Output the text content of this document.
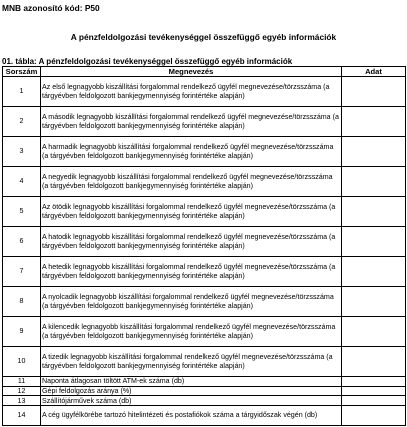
MNB azonosító kód: P50
A pénzfeldolgozási tevékenységgel összefüggő egyéb információk
01. tábla: A pénzfeldolgozási tevékenységgel összefüggő egyéb információk
Sorszám	Megnevezés	Adat
1	Az első legnagyobb kiszállítási forgalommal rendelkező ügyfél megnevezése/törzsszáma (a tárgyévben feldolgozott bankjegymennyiség forintértéke alapján)	
2	A második legnagyobb kiszállítási forgalommal rendelkező ügyfél megnevezése/törzsszáma (a tárgyévben feldolgozott bankjegymennyiség forintértéke alapján)	
3	A harmadik legnagyobb kiszállítási forgalommal rendelkező ügyfél megnevezése/törzsszáma (a tárgyévben feldolgozott bankjegymennyiség forintértéke alapján)	
4	A negyedik legnagyobb kiszállítási forgalommal rendelkező ügyfél megnevezése/törzsszáma (a tárgyévben feldolgozott bankjegymennyiség forintértéke alapján)	
5	Az ötödik legnagyobb kiszállítási forgalommal rendelkező ügyfél megnevezése/törzsszáma (a tárgyévben feldolgozott bankjegymennyiség forintértéke alapján)	
6	A hatodik legnagyobb kiszállítási forgalommal rendelkező ügyfél megnevezése/törzsszáma (a tárgyévben feldolgozott bankjegymennyiség forintértéke alapján)	
7	A hetedik legnagyobb kiszállítási forgalommal rendelkező ügyfél megnevezése/törzsszáma (a tárgyévben feldolgozott bankjegymennyiség forintértéke alapján)	
8	A nyolcadik legnagyobb kiszállítási forgalommal rendelkező ügyfél megnevezése/törzsszáma (a tárgyévben feldolgozott bankjegymennyiség forintértéke alapján)	
9	A kilencedik legnagyobb kiszállítási forgalommal rendelkező ügyfél megnevezése/törzsszáma (a tárgyévben feldolgozott bankjegymennyiség forintértéke alapján)	
10	A tizedik legnagyobb kiszállítási forgalommal rendelkező ügyfél megnevezése/törzsszáma (a tárgyévben feldolgozott bankjegymennyiség forintértéke alapján)	
11	Naponta átlagosan töltött ATM-ek száma (db)	
12	Gépi feldolgozás aránya (%)	
13	Szállítójárművek száma (db)	
14	A cég ügyfélkörébe tartozó hitelintézeti és postafiókok száma a tárgyidőszak végén (db)	
